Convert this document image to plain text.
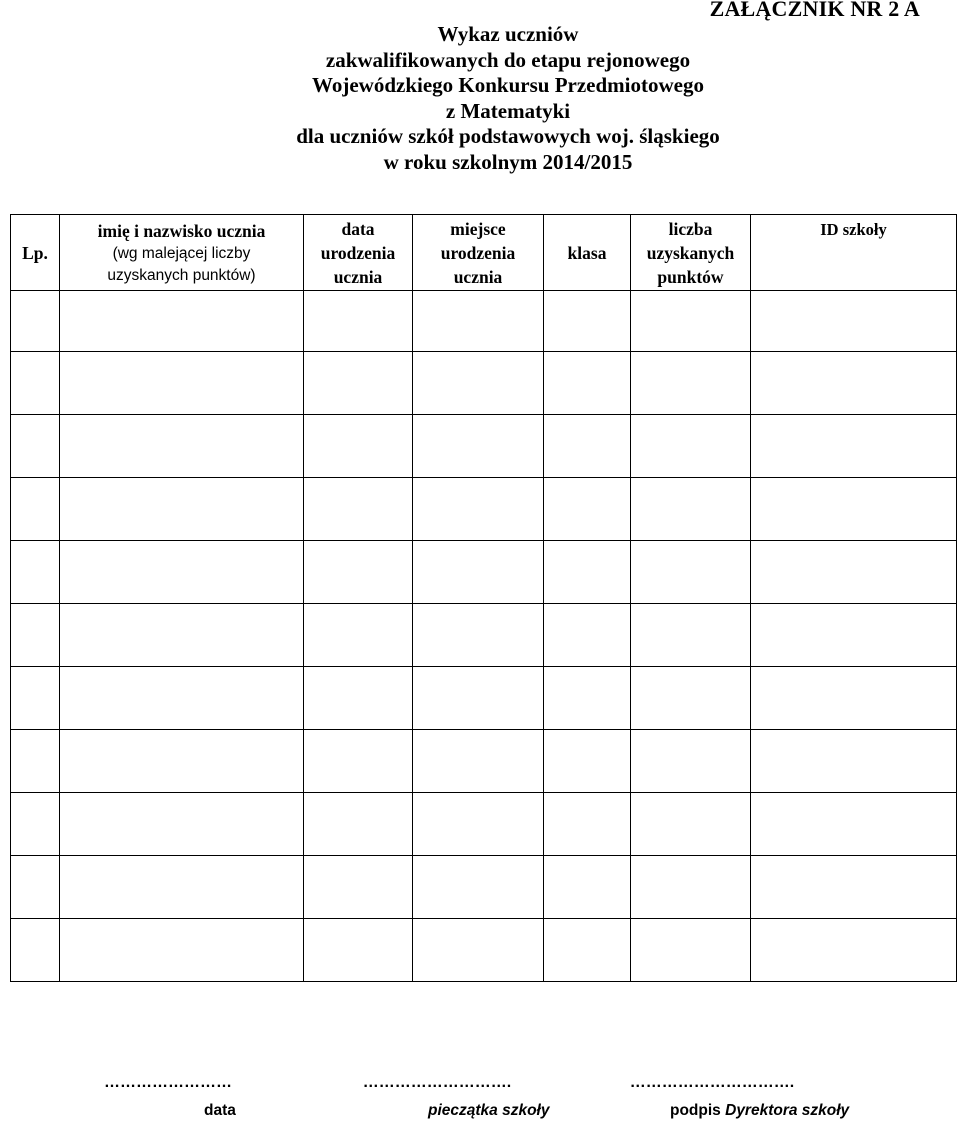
ZAŁĄCZNIK NR 2 A
Wykaz uczniów
zakwalifikowanych do etapu rejonowego
Wojewódzkiego Konkursu Przedmiotowego
z Matematyki
dla uczniów szkół podstawowych woj. śląskiego
w roku szkolnym 2014/2015
Lp.	imię i nazwisko ucznia
(wg malejącej liczby
uzyskanych punktów)	data
urodzenia
ucznia	miejsce
urodzenia
ucznia	klasa	liczba
uzyskanych
punktów	ID szkoły

……………………
data
……………………….
pieczątka szkoły
………………………….
podpis Dyrektora szkoły
